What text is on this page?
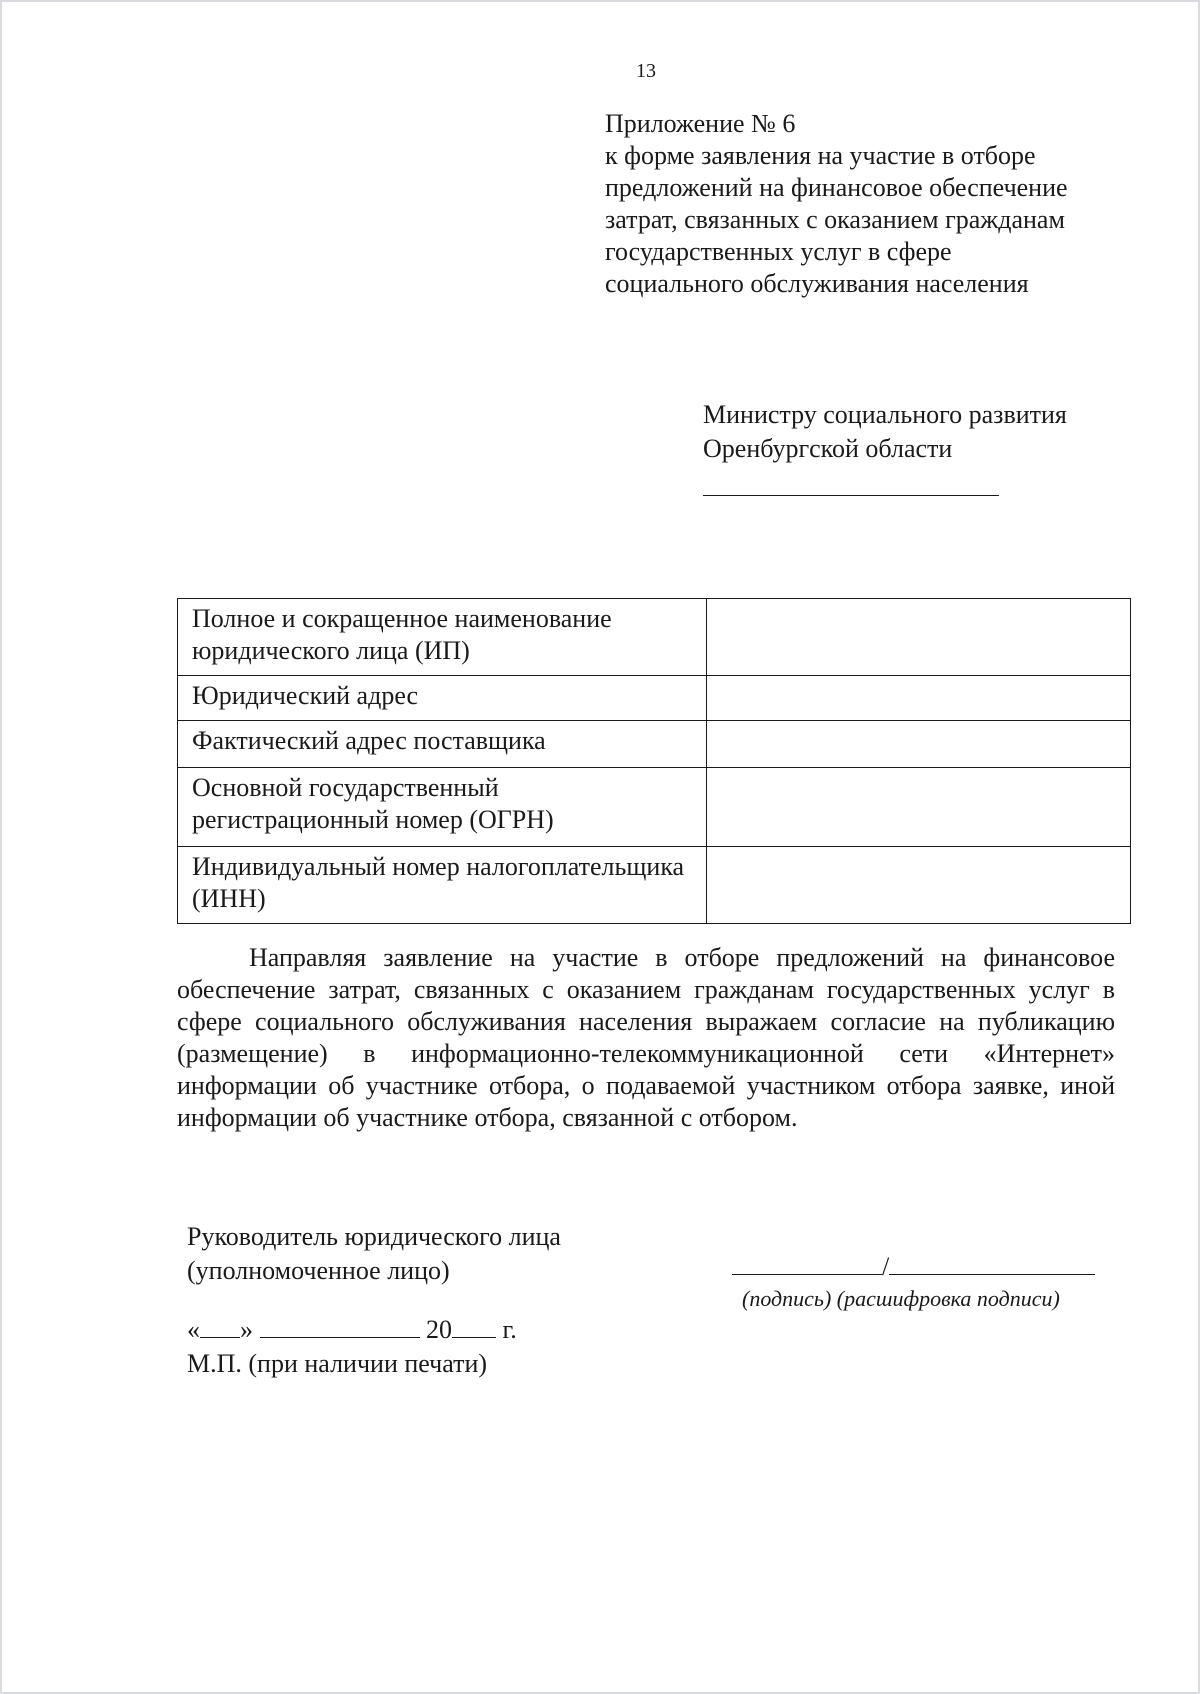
13
Приложение № 6
к форме заявления на участие в отборе
предложений на финансовое обеспечение
затрат, связанных с оказанием гражданам
государственных услуг в сфере
социального обслуживания населения
Министру социального развития
Оренбургской области
Полное и сокращенное наименование юридического лица (ИП)	
Юридический адрес	
Фактический адрес поставщика	
Основной государственный регистрационный номер (ОГРН)	
Индивидуальный номер налогоплательщика (ИНН)	
Направляя заявление на участие в отборе предложений на финансовое обеспечение затрат, связанных с оказанием гражданам государственных услуг в сфере социального обслуживания населения выражаем согласие на публикацию (размещение) в информационно-телекоммуникационной сети «Интернет» информации об участнике отбора, о подаваемой участником отбора заявке, иной информации об участнике отбора, связанной с отбором.
Руководитель юридического лица
(уполномоченное лицо)	/
(подпись) (расшифровка подписи)
« »	20 г.
М.П. (при наличии печати)
